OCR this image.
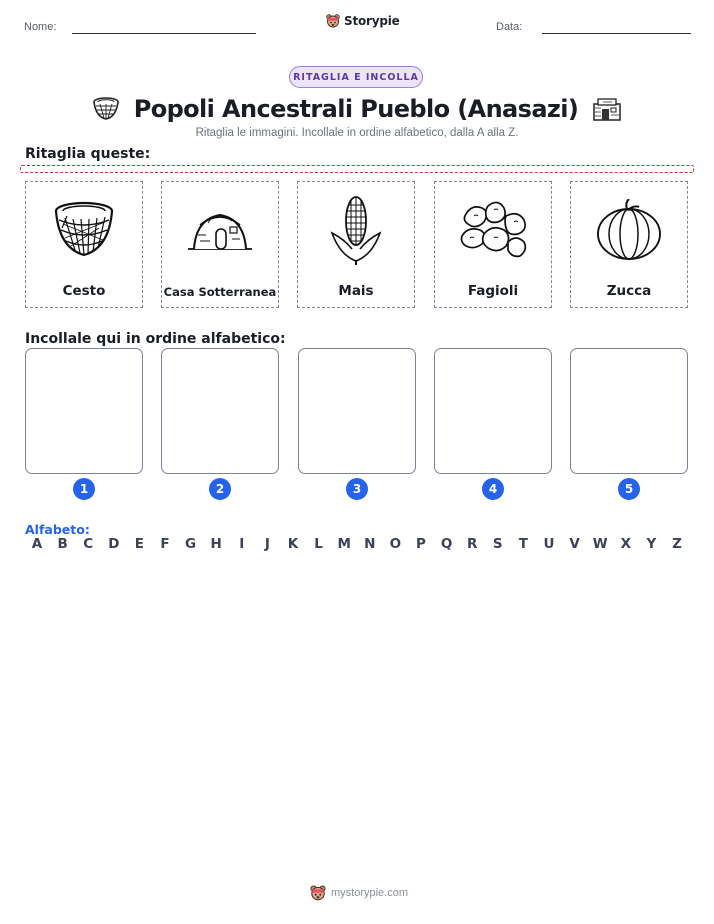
Nome:	Storypie	Data:
RITAGLIA E INCOLLA
Popoli Ancestrali Pueblo (Anasazi)
Ritaglia le immagini. Incollale in ordine alfabetico, dalla A alla Z.
Ritaglia queste:
Cesto	Casa Sotterranea	Mais	Fagioli	Zucca
Incollale qui in ordine alfabetico:
1	2	3	4	5
Alfabeto:
A	B	C	D	E	F	G	H	I	J	K	L	M N	O	P	Q	R	S	T	U	V W X	Y	Z
mystorypie.com
